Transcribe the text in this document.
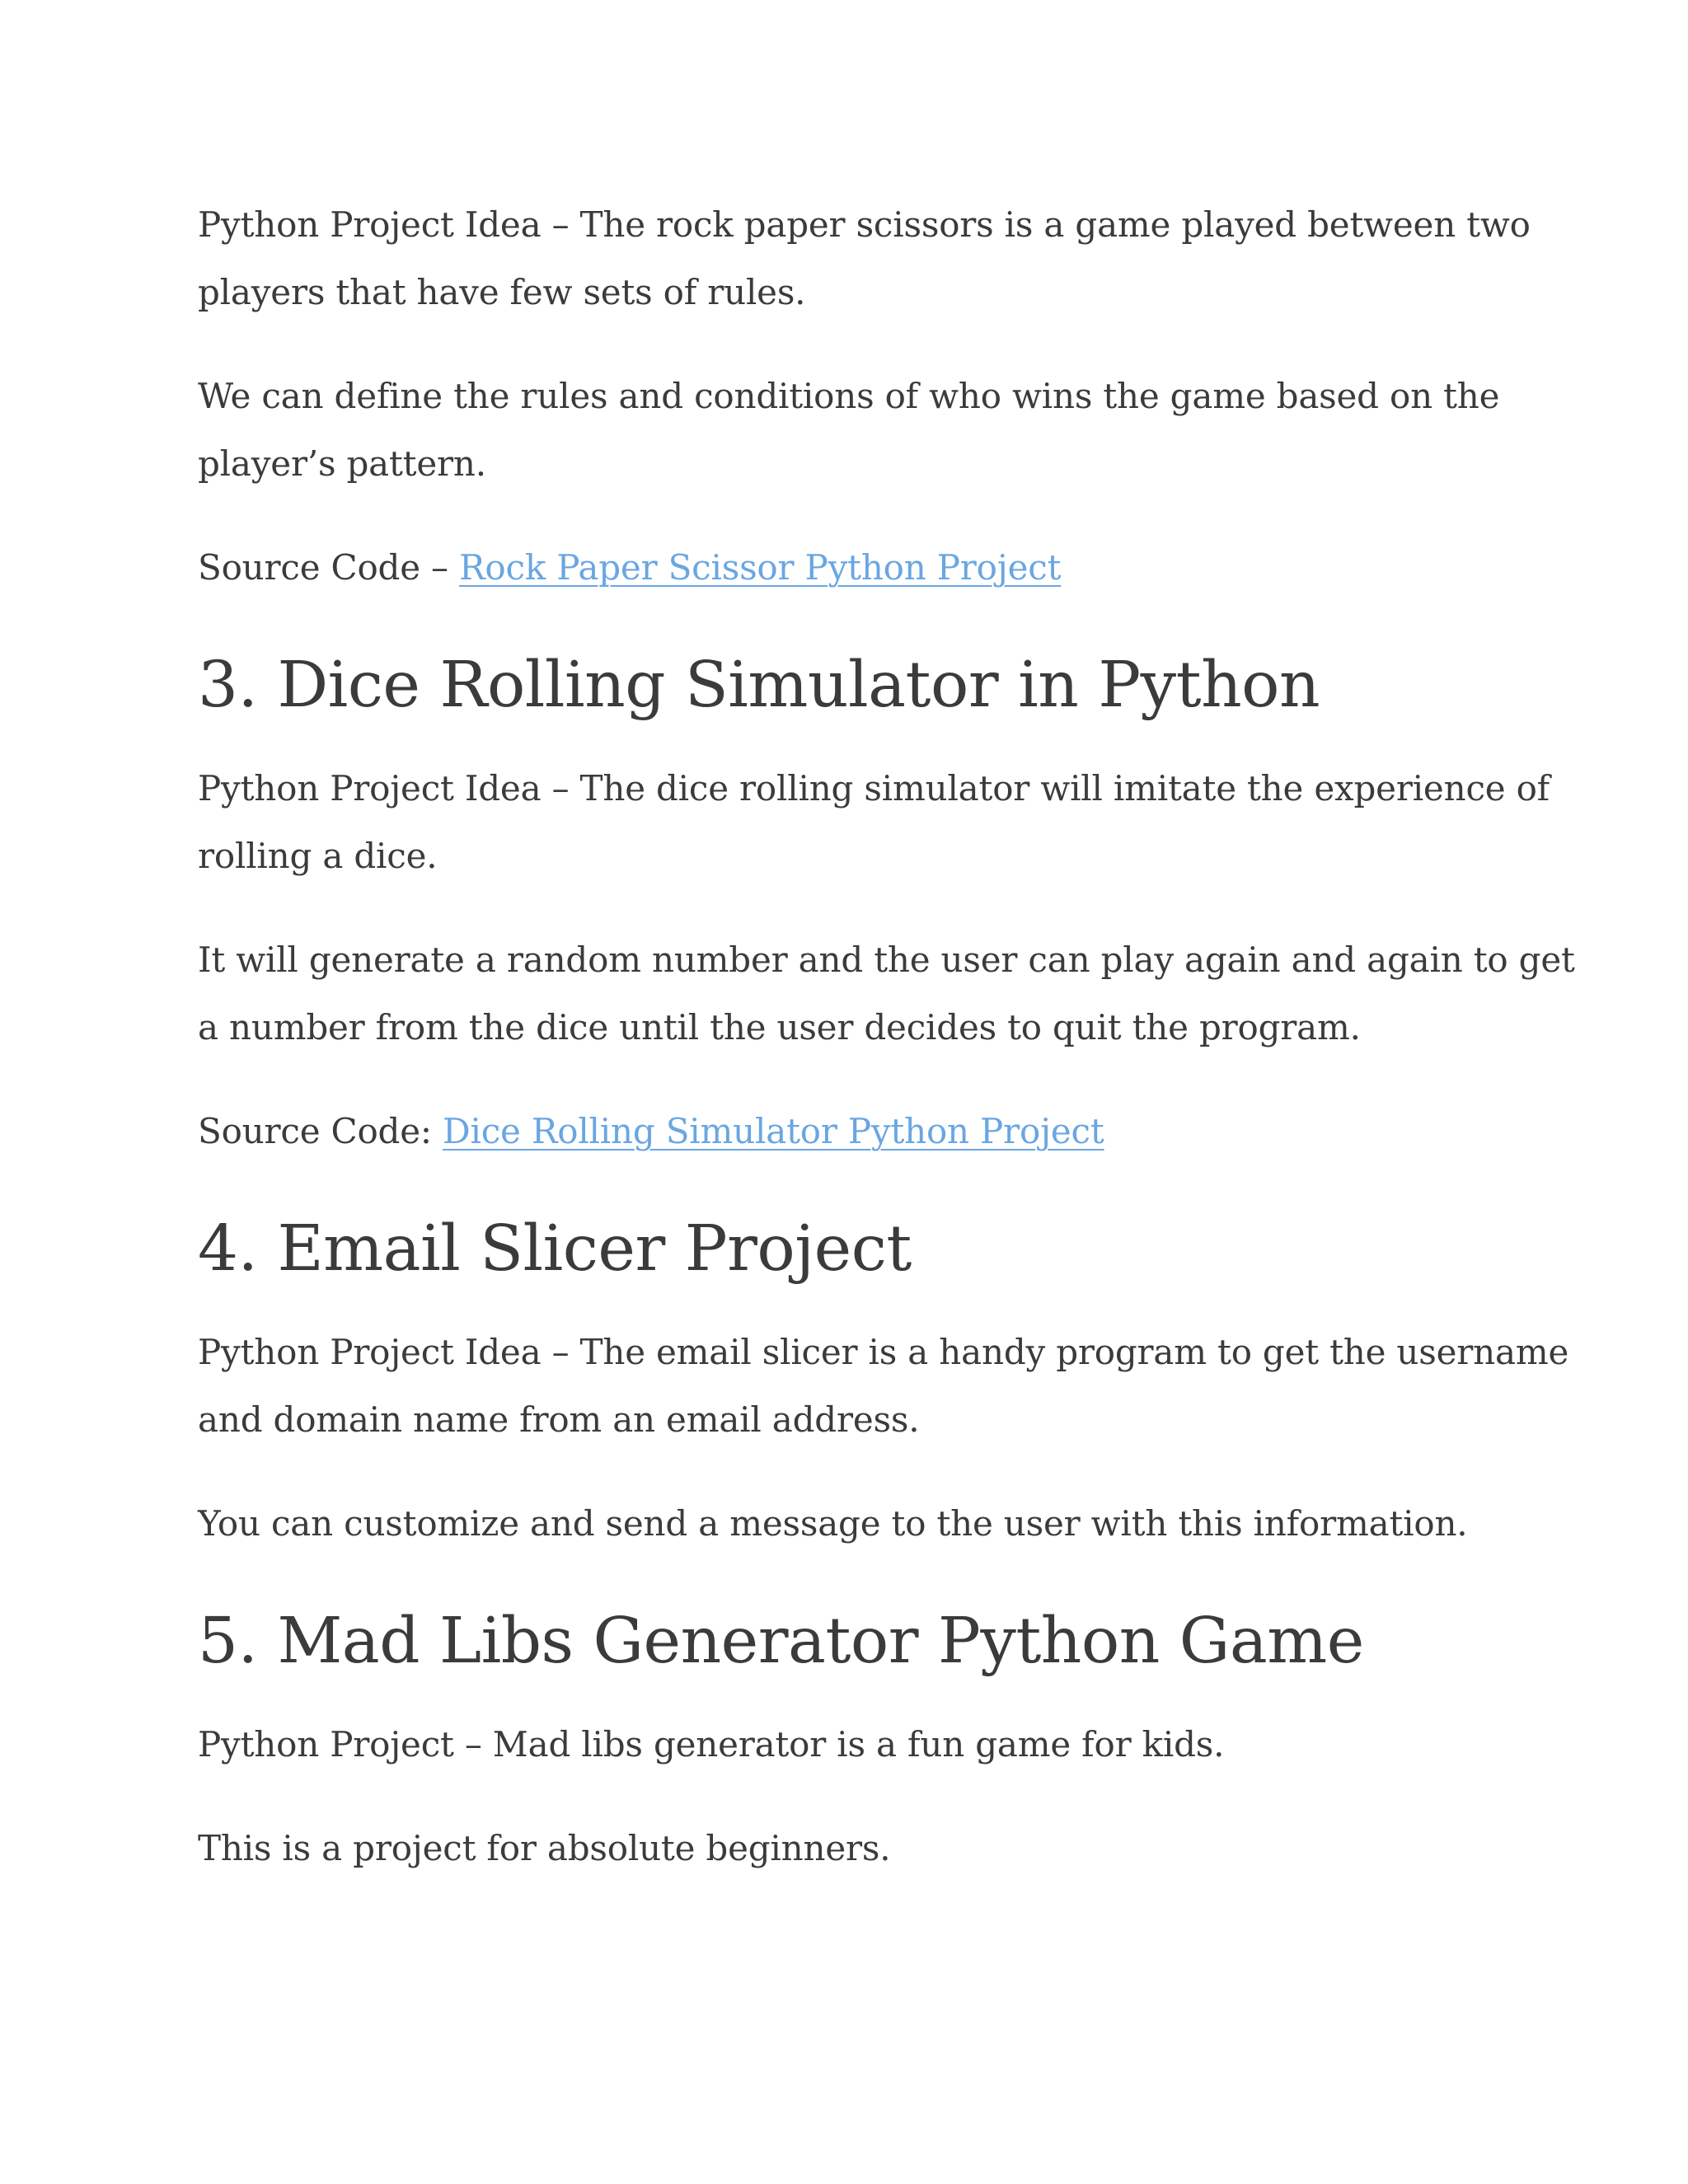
Python Project Idea – The rock paper scissors is a game played between two
players that have few sets of rules.

We can define the rules and conditions of who wins the game based on the
player’s pattern.

Source Code – Rock Paper Scissor Python Project

3. Dice Rolling Simulator in Python

Python Project Idea – The dice rolling simulator will imitate the experience of
rolling a dice.

It will generate a random number and the user can play again and again to get
a number from the dice until the user decides to quit the program.

Source Code: Dice Rolling Simulator Python Project

4. Email Slicer Project

Python Project Idea – The email slicer is a handy program to get the username
and domain name from an email address.

You can customize and send a message to the user with this information.

5. Mad Libs Generator Python Game

Python Project – Mad libs generator is a fun game for kids.

This is a project for absolute beginners.
